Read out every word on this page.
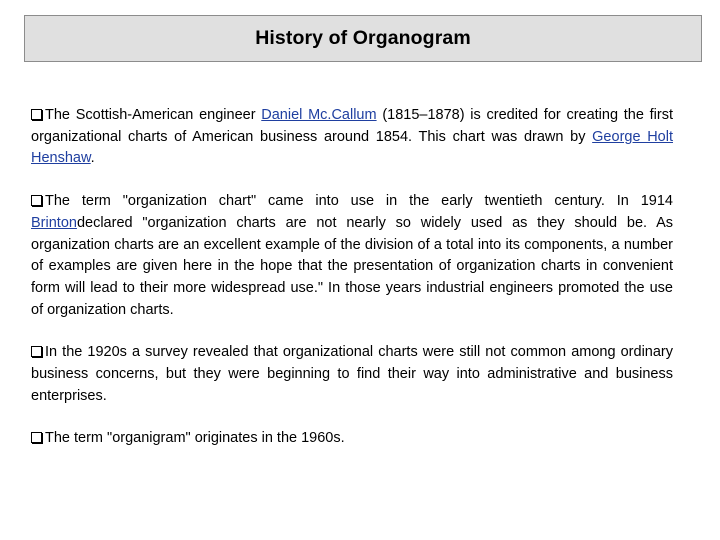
History of Organogram

The Scottish-American engineer Daniel Mc.Callum (1815–1878) is credited for creating the first organizational charts of American business around 1854. This chart was drawn by George Holt Henshaw.

The term "organization chart" came into use in the early twentieth century. In 1914 Brintondeclared "organization charts are not nearly so widely used as they should be. As organization charts are an excellent example of the division of a total into its components, a number of examples are given here in the hope that the presentation of organization charts in convenient form will lead to their more widespread use." In those years industrial engineers promoted the use of organization charts.

In the 1920s a survey revealed that organizational charts were still not common among ordinary business concerns, but they were beginning to find their way into administrative and business enterprises.

The term "organigram" originates in the 1960s.
